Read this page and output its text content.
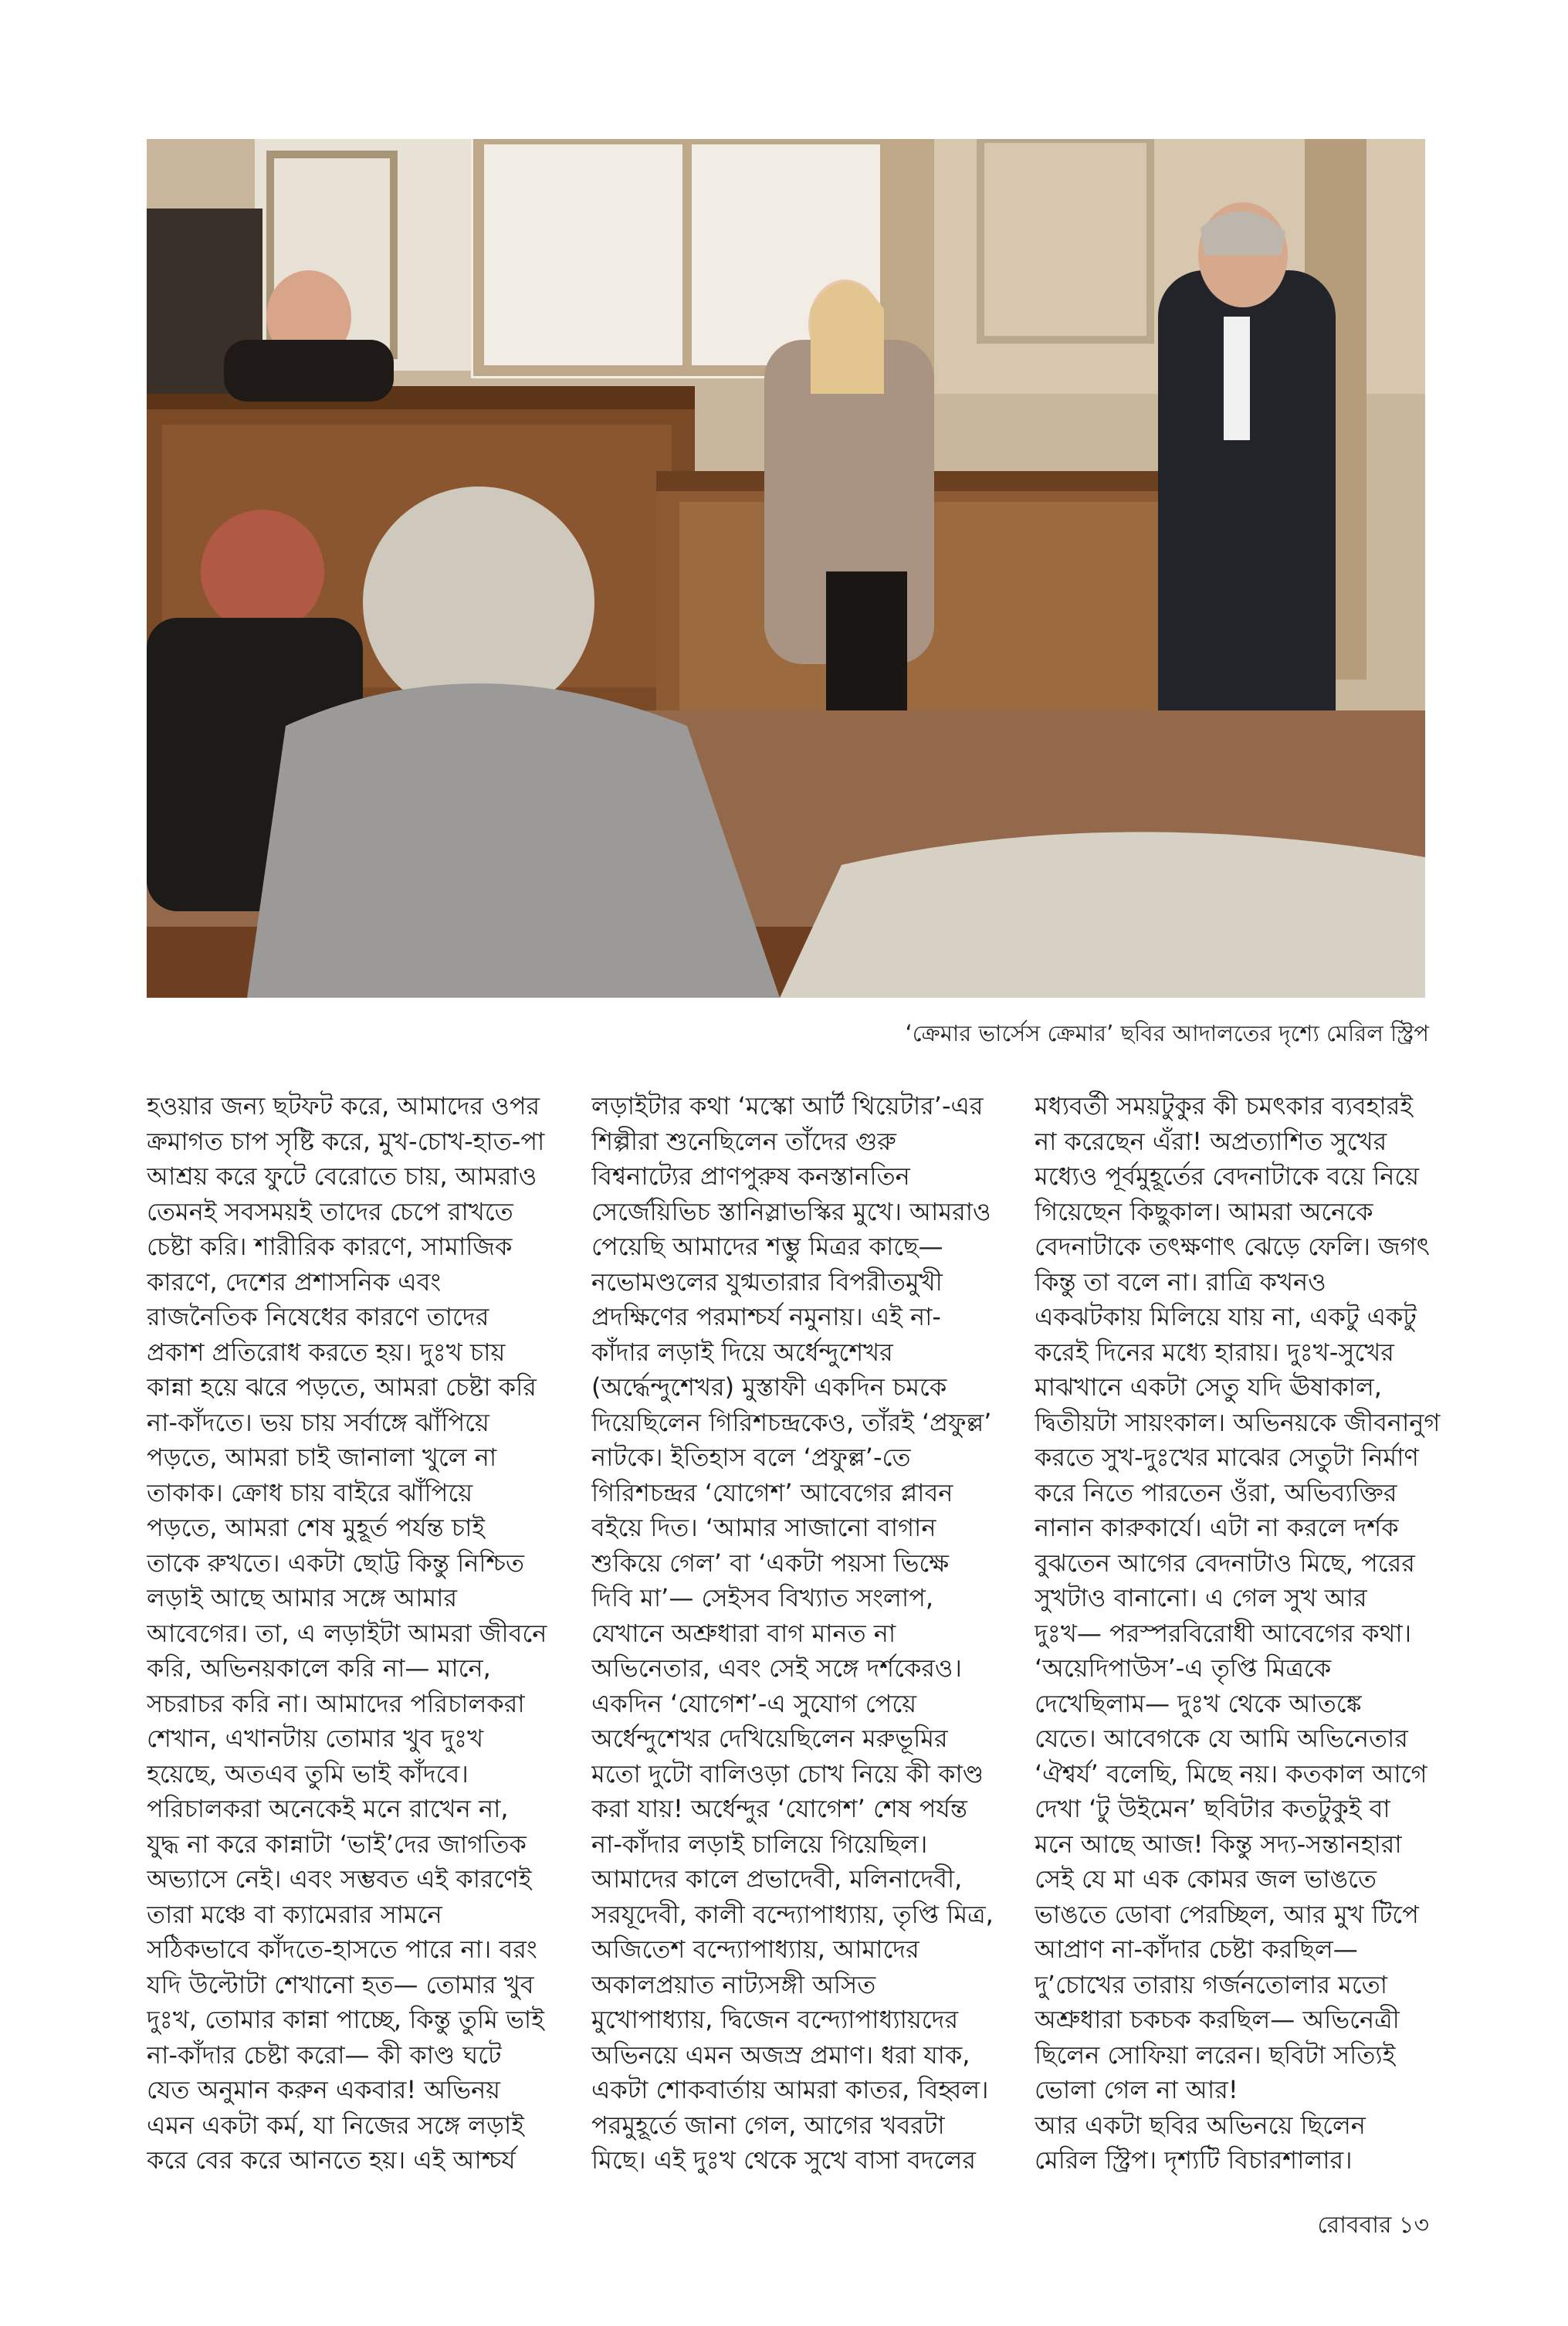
‘ক্রেমার ভার্সেস ক্রেমার’ ছবির আদালতের দৃশ্যে মেরিল স্ট্রিপ
হওয়ার জন্য ছটফট করে, আমাদের ওপর
ক্রমাগত চাপ সৃষ্টি করে, মুখ-চোখ-হাত-পা
আশ্রয় করে ফুটে বেরোতে চায়, আমরাও
তেমনই সবসময়ই তাদের চেপে রাখতে
চেষ্টা করি। শারীরিক কারণে, সামাজিক
কারণে, দেশের প্রশাসনিক এবং
রাজনৈতিক নিষেধের কারণে তাদের
প্রকাশ প্রতিরোধ করতে হয়। দুঃখ চায়
কান্না হয়ে ঝরে পড়তে, আমরা চেষ্টা করি
না-কাঁদতে। ভয় চায় সর্বাঙ্গে ঝাঁপিয়ে
পড়তে, আমরা চাই জানালা খুলে না
তাকাক। ক্রোধ চায় বাইরে ঝাঁপিয়ে
পড়তে, আমরা শেষ মুহূর্ত পর্যন্ত চাই
তাকে রুখতে। একটা ছোট্ট কিন্তু নিশ্চিত
লড়াই আছে আমার সঙ্গে আমার
আবেগের। তা, এ লড়াইটা আমরা জীবনে
করি, অভিনয়কালে করি না— মানে,
সচরাচর করি না। আমাদের পরিচালকরা
শেখান, এখানটায় তোমার খুব দুঃখ
হয়েছে, অতএব তুমি ভাই কাঁদবে।
পরিচালকরা অনেকেই মনে রাখেন না,
যুদ্ধ না করে কান্নাটা ‘ভাই’দের জাগতিক
অভ্যাসে নেই। এবং সম্ভবত এই কারণেই
তারা মঞ্চে বা ক্যামেরার সামনে
সঠিকভাবে কাঁদতে-হাসতে পারে না। বরং
যদি উল্টোটা শেখানো হত— তোমার খুব
দুঃখ, তোমার কান্না পাচ্ছে, কিন্তু তুমি ভাই
না-কাঁদার চেষ্টা করো— কী কাণ্ড ঘটে
যেত অনুমান করুন একবার! অভিনয়
এমন একটা কর্ম, যা নিজের সঙ্গে লড়াই
করে বের করে আনতে হয়। এই আশ্চর্য
লড়াইটার কথা ‘মস্কো আর্ট থিয়েটার’-এর
শিল্পীরা শুনেছিলেন তাঁদের গুরু
বিশ্বনাট্যের প্রাণপুরুষ কনস্তানতিন
সের্জেয়িভিচ স্তানিস্লাভস্কির মুখে। আমরাও
পেয়েছি আমাদের শম্ভু মিত্রর কাছে—
নভোমণ্ডলের যুগ্মতারার বিপরীতমুখী
প্রদক্ষিণের পরমাশ্চর্য নমুনায়। এই না-
কাঁদার লড়াই দিয়ে অর্ধেন্দুশেখর
(অৰ্দ্ধেন্দুশেখর) মুস্তাফী একদিন চমকে
দিয়েছিলেন গিরিশচন্দ্রকেও, তাঁরই ‘প্রফুল্ল’
নাটকে। ইতিহাস বলে ‘প্রফুল্ল’-তে
গিরিশচন্দ্রর ‘যোগেশ’ আবেগের প্লাবন
বইয়ে দিত। ‘আমার সাজানো বাগান
শুকিয়ে গেল’ বা ‘একটা পয়সা ভিক্ষে
দিবি মা’— সেইসব বিখ্যাত সংলাপ,
যেখানে অশ্রুধারা বাগ মানত না
অভিনেতার, এবং সেই সঙ্গে দর্শকেরও।
একদিন ‘যোগেশ’-এ সুযোগ পেয়ে
অর্ধেন্দুশেখর দেখিয়েছিলেন মরুভূমির
মতো দুটো বালিওড়া চোখ নিয়ে কী কাণ্ড
করা যায়! অর্ধেন্দুর ‘যোগেশ’ শেষ পর্যন্ত
না-কাঁদার লড়াই চালিয়ে গিয়েছিল।
আমাদের কালে প্রভাদেবী, মলিনাদেবী,
সরযূদেবী, কালী বন্দ্যোপাধ্যায়, তৃপ্তি মিত্র,
অজিতেশ বন্দ্যোপাধ্যায়, আমাদের
অকালপ্রয়াত নাট্যসঙ্গী অসিত
মুখোপাধ্যায়, দ্বিজেন বন্দ্যোপাধ্যায়দের
অভিনয়ে এমন অজস্র প্রমাণ। ধরা যাক,
একটা শোকবার্তায় আমরা কাতর, বিহ্বল।
পরমুহূর্তে জানা গেল, আগের খবরটা
মিছে। এই দুঃখ থেকে সুখে বাসা বদলের
মধ্যবর্তী সময়টুকুর কী চমৎকার ব্যবহারই
না করেছেন এঁরা! অপ্রত্যাশিত সুখের
মধ্যেও পূর্বমুহূর্তের বেদনাটাকে বয়ে নিয়ে
গিয়েছেন কিছুকাল। আমরা অনেকে
বেদনাটাকে তৎক্ষণাৎ ঝেড়ে ফেলি। জগৎ
কিন্তু তা বলে না। রাত্রি কখনও
একঝটকায় মিলিয়ে যায় না, একটু একটু
করেই দিনের মধ্যে হারায়। দুঃখ-সুখের
মাঝখানে একটা সেতু যদি ঊষাকাল,
দ্বিতীয়টা সায়ংকাল। অভিনয়কে জীবনানুগ
করতে সুখ-দুঃখের মাঝের সেতুটা নির্মাণ
করে নিতে পারতেন ওঁরা, অভিব্যক্তির
নানান কারুকার্যে। এটা না করলে দর্শক
বুঝতেন আগের বেদনাটাও মিছে, পরের
সুখটাও বানানো। এ গেল সুখ আর
দুঃখ— পরস্পরবিরোধী আবেগের কথা।
‘অয়েদিপাউস’-এ তৃপ্তি মিত্রকে
দেখেছিলাম— দুঃখ থেকে আতঙ্কে
যেতে। আবেগকে যে আমি অভিনেতার
‘ঐশ্বর্য’ বলেছি, মিছে নয়। কতকাল আগে
দেখা ‘টু উইমেন’ ছবিটার কতটুকুই বা
মনে আছে আজ! কিন্তু সদ্য-সন্তানহারা
সেই যে মা এক কোমর জল ভাঙতে
ভাঙতে ডোবা পেরচ্ছিল, আর মুখ টিপে
আপ্রাণ না-কাঁদার চেষ্টা করছিল—
দু’চোখের তারায় গর্জনতোলার মতো
অশ্রুধারা চকচক করছিল— অভিনেত্রী
ছিলেন সোফিয়া লরেন। ছবিটা সত্যিই
ভোলা গেল না আর!
আর একটা ছবির অভিনয়ে ছিলেন
মেরিল স্ট্রিপ। দৃশ্যটি বিচারশালার।
রোববার ১৩
